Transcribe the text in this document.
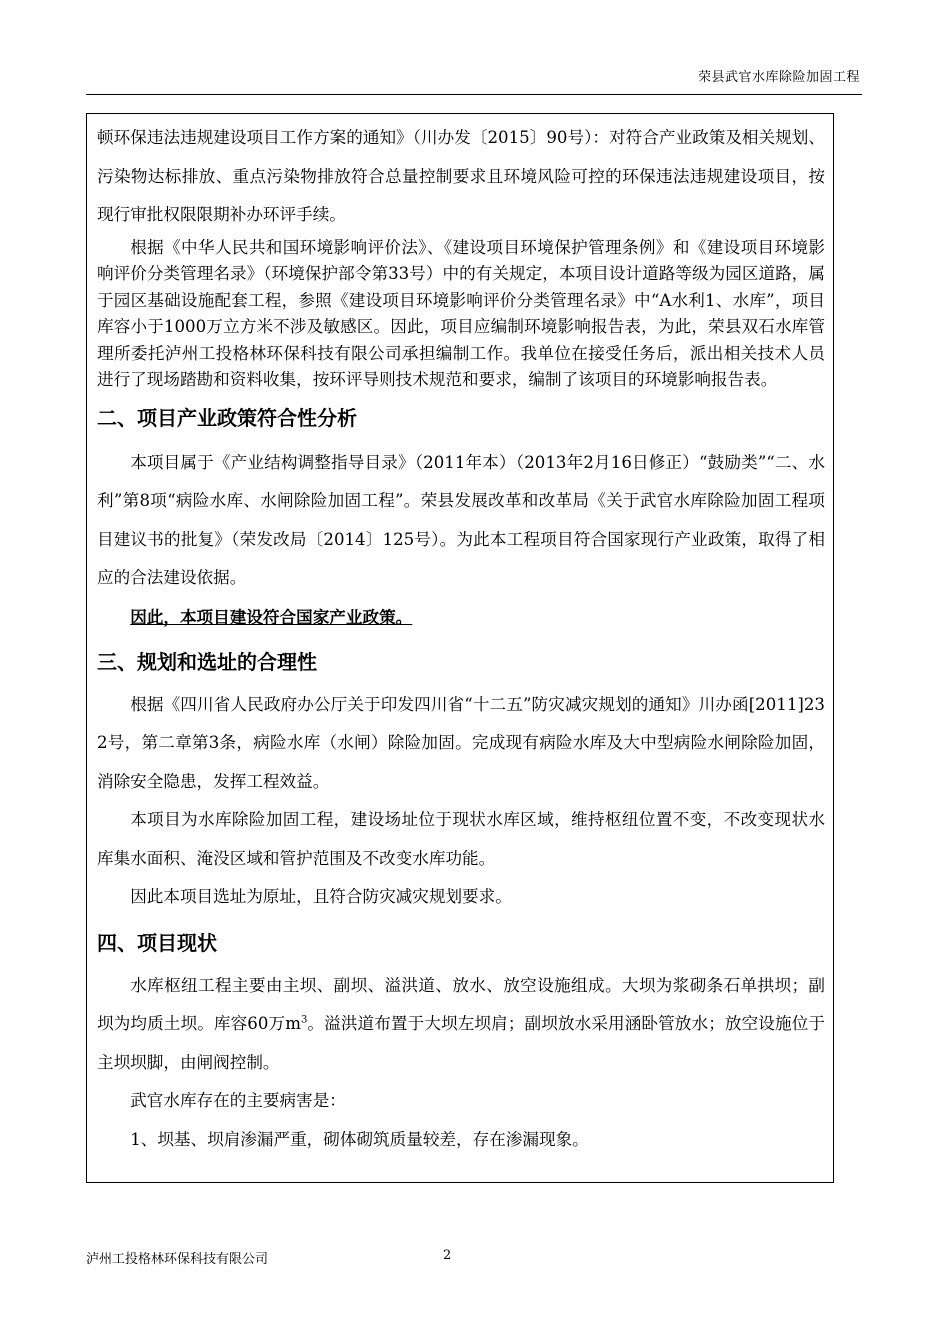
荣县武官水库除险加固工程

顿环保违法违规建设项目工作方案的通知》（川办发〔2015〕90号）：对符合产业政策及相关规划、污染物达标排放、重点污染物排放符合总量控制要求且环境风险可控的环保违法违规建设项目，按现行审批权限限期补办环评手续。

根据《中华人民共和国环境影响评价法》、《建设项目环境保护管理条例》和《建设项目环境影响评价分类管理名录》（环境保护部令第33号）中的有关规定，本项目设计道路等级为园区道路，属于园区基础设施配套工程，参照《建设项目环境影响评价分类管理名录》中“A水利1、水库”，项目库容小于1000万立方米不涉及敏感区。因此，项目应编制环境影响报告表，为此，荣县双石水库管理所委托泸州工投格林环保科技有限公司承担编制工作。我单位在接受任务后，派出相关技术人员进行了现场踏勘和资料收集，按环评导则技术规范和要求，编制了该项目的环境影响报告表。

二、项目产业政策符合性分析

本项目属于《产业结构调整指导目录》（2011年本）（2013年2月16日修正）“鼓励类”“二、水利”第8项“病险水库、水闸除险加固工程”。荣县发展改革和改革局《关于武官水库除险加固工程项目建议书的批复》（荣发改局〔2014〕125号）。为此本工程项目符合国家现行产业政策，取得了相应的合法建设依据。

因此，本项目建设符合国家产业政策。

三、规划和选址的合理性

根据《四川省人民政府办公厅关于印发四川省“十二五”防灾减灾规划的通知》川办函[2011]232号，第二章第3条，病险水库（水闸）除险加固。完成现有病险水库及大中型病险水闸除险加固，消除安全隐患，发挥工程效益。

本项目为水库除险加固工程，建设场址位于现状水库区域，维持枢纽位置不变，不改变现状水库集水面积、淹没区域和管护范围及不改变水库功能。

因此本项目选址为原址，且符合防灾减灾规划要求。

四、项目现状

水库枢纽工程主要由主坝、副坝、溢洪道、放水、放空设施组成。大坝为浆砌条石单拱坝；副坝为均质土坝。库容60万$m^3$。溢洪道布置于大坝左坝肩；副坝放水采用涵卧管放水；放空设施位于主坝坝脚，由闸阀控制。

武官水库存在的主要病害是：

1、坝基、坝肩渗漏严重，砌体砌筑质量较差，存在渗漏现象。

泸州工投格林环保科技有限公司	2
